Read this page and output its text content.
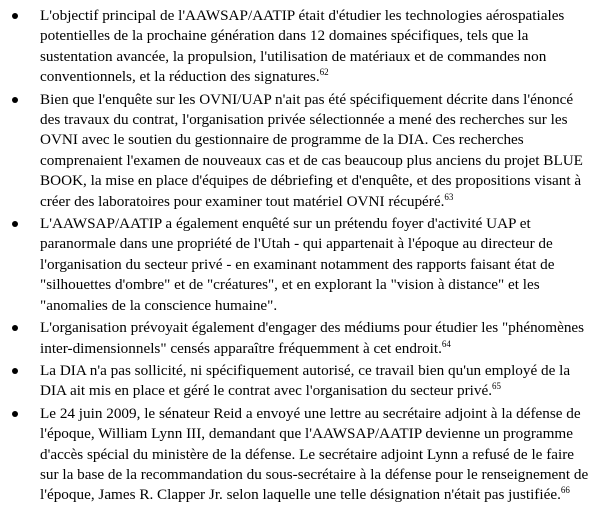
L'objectif principal de l'AAWSAP/AATIP était d'étudier les technologies aérospatiales potentielles de la prochaine génération dans 12 domaines spécifiques, tels que la sustentation avancée, la propulsion, l'utilisation de matériaux et de commandes non conventionnels, et la réduction des signatures.$^{62}$
Bien que l'enquête sur les OVNI/UAP n'ait pas été spécifiquement décrite dans l'énoncé des travaux du contrat, l'organisation privée sélectionnée a mené des recherches sur les OVNI avec le soutien du gestionnaire de programme de la DIA. Ces recherches comprenaient l'examen de nouveaux cas et de cas beaucoup plus anciens du projet BLUE BOOK, la mise en place d'équipes de débriefing et d'enquête, et des propositions visant à créer des laboratoires pour examiner tout matériel OVNI récupéré.$^{63}$
L'AAWSAP/AATIP a également enquêté sur un prétendu foyer d'activité UAP et paranormale dans une propriété de l'Utah - qui appartenait à l'époque au directeur de l'organisation du secteur privé - en examinant notamment des rapports faisant état de "silhouettes d'ombre" et de "créatures", et en explorant la "vision à distance" et les "anomalies de la conscience humaine".
L'organisation prévoyait également d'engager des médiums pour étudier les "phénomènes inter-dimensionnels" censés apparaître fréquemment à cet endroit.$^{64}$
La DIA n'a pas sollicité, ni spécifiquement autorisé, ce travail bien qu'un employé de la DIA ait mis en place et géré le contrat avec l'organisation du secteur privé.$^{65}$
Le 24 juin 2009, le sénateur Reid a envoyé une lettre au secrétaire adjoint à la défense de l'époque, William Lynn III, demandant que l'AAWSAP/AATIP devienne un programme d'accès spécial du ministère de la défense. Le secrétaire adjoint Lynn a refusé de le faire sur la base de la recommandation du sous-secrétaire à la défense pour le renseignement de l'époque, James R. Clapper Jr. selon laquelle une telle désignation n'était pas justifiée.$^{66}$
